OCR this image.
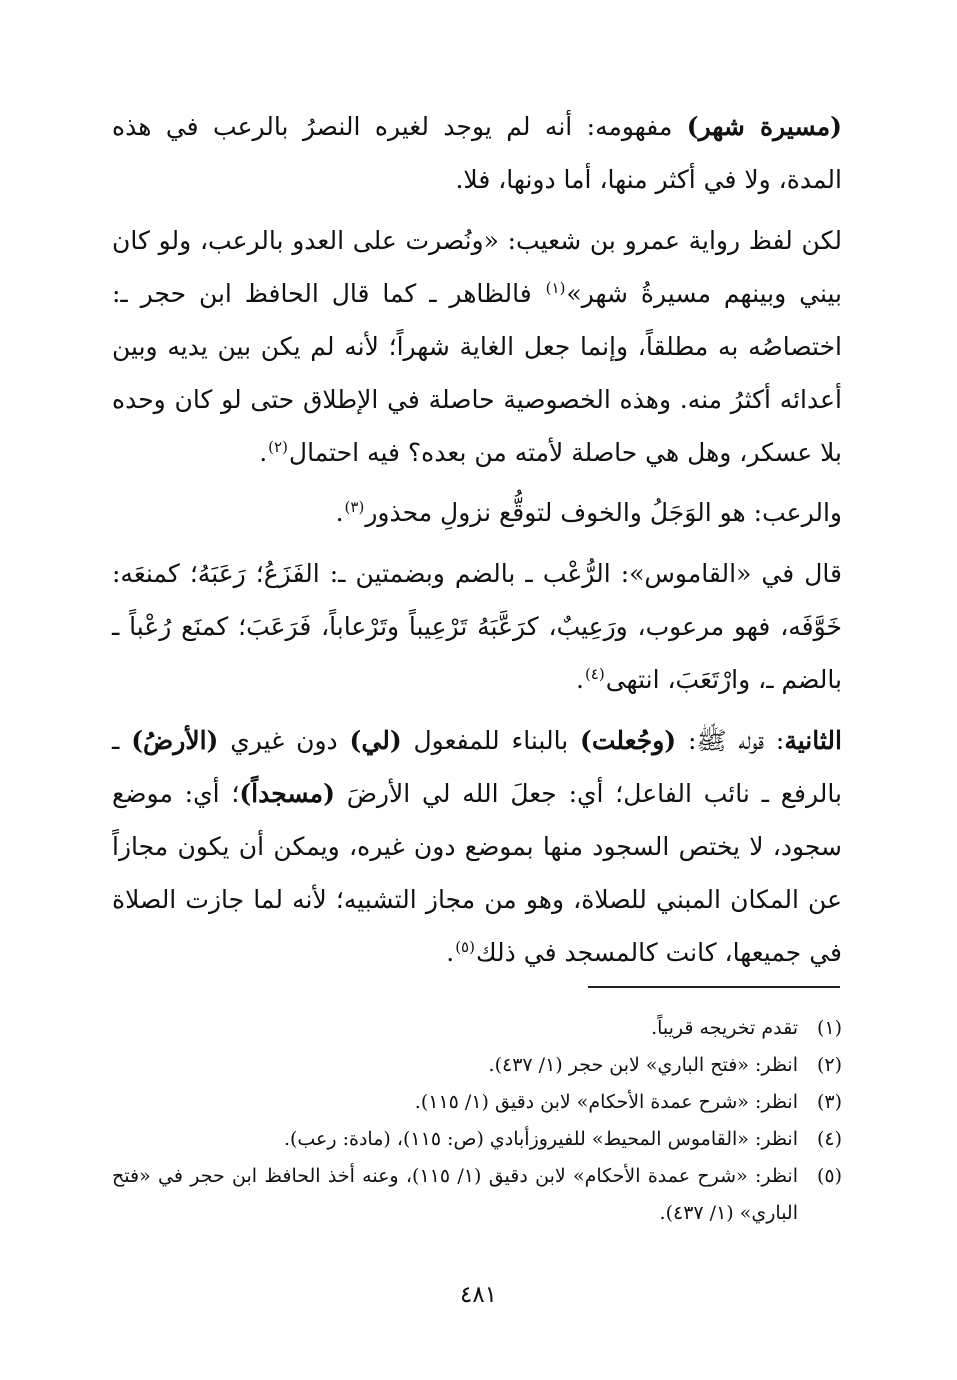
(مسيرة شهر) مفهومه: أنه لم يوجد لغيره النصرُ بالرعب في هذه المدة، ولا في أكثر منها، أما دونها، فلا.

لكن لفظ رواية عمرو بن شعيب: «ونُصرت على العدو بالرعب، ولو كان بيني وبينهم مسيرةُ شهر»$^{(١)}$ فالظاهر ـ كما قال الحافظ ابن حجر ـ: اختصاصُه به مطلقاً، وإنما جعل الغاية شهراً؛ لأنه لم يكن بين يديه وبين أعدائه أكثرُ منه. وهذه الخصوصية حاصلة في الإطلاق حتى لو كان وحده بلا عسكر، وهل هي حاصلة لأمته من بعده؟ فيه احتمال$^{(٢)}$.

والرعب: هو الوَجَلُ والخوف لتوقُّع نزولِ محذور$^{(٣)}$.

قال في «القاموس»: الرُّعْب ـ بالضم وبضمتين ـ: الفَزَعُ؛ رَعَبَهُ؛ كمنعَه: خَوَّفَه، فهو مرعوب، ورَعِيبٌ، كرَعَّبَهُ تَرْعِيباً وتَرْعاباً، فَرَعَبَ؛ كمنَع رُعْباً ـ بالضم ـ، وارْتَعَبَ، انتهى$^{(٤)}$.

الثانية: قوله ﷺ: (وجُعلت) بالبناء للمفعول (لي) دون غيري (الأرضُ) ـ بالرفع ـ نائب الفاعل؛ أي: جعلَ الله لي الأرضَ (مسجداً)؛ أي: موضع سجود، لا يختص السجود منها بموضع دون غيره، ويمكن أن يكون مجازاً عن المكان المبني للصلاة، وهو من مجاز التشبيه؛ لأنه لما جازت الصلاة في جميعها، كانت كالمسجد في ذلك$^{(٥)}$.

(١)
تقدم تخريجه قريباً.
(٢)
انظر: «فتح الباري» لابن حجر (١/ ٤٣٧).
(٣)
انظر: «شرح عمدة الأحكام» لابن دقيق (١/ ١١٥).
(٤)
انظر: «القاموس المحيط» للفيروزأبادي (ص: ١١٥)، (مادة: رعب).
(٥)
انظر: «شرح عمدة الأحكام» لابن دقيق (١/ ١١٥)، وعنه أخذ الحافظ ابن حجر في «فتح الباري» (١/ ٤٣٧).
٤٨١
